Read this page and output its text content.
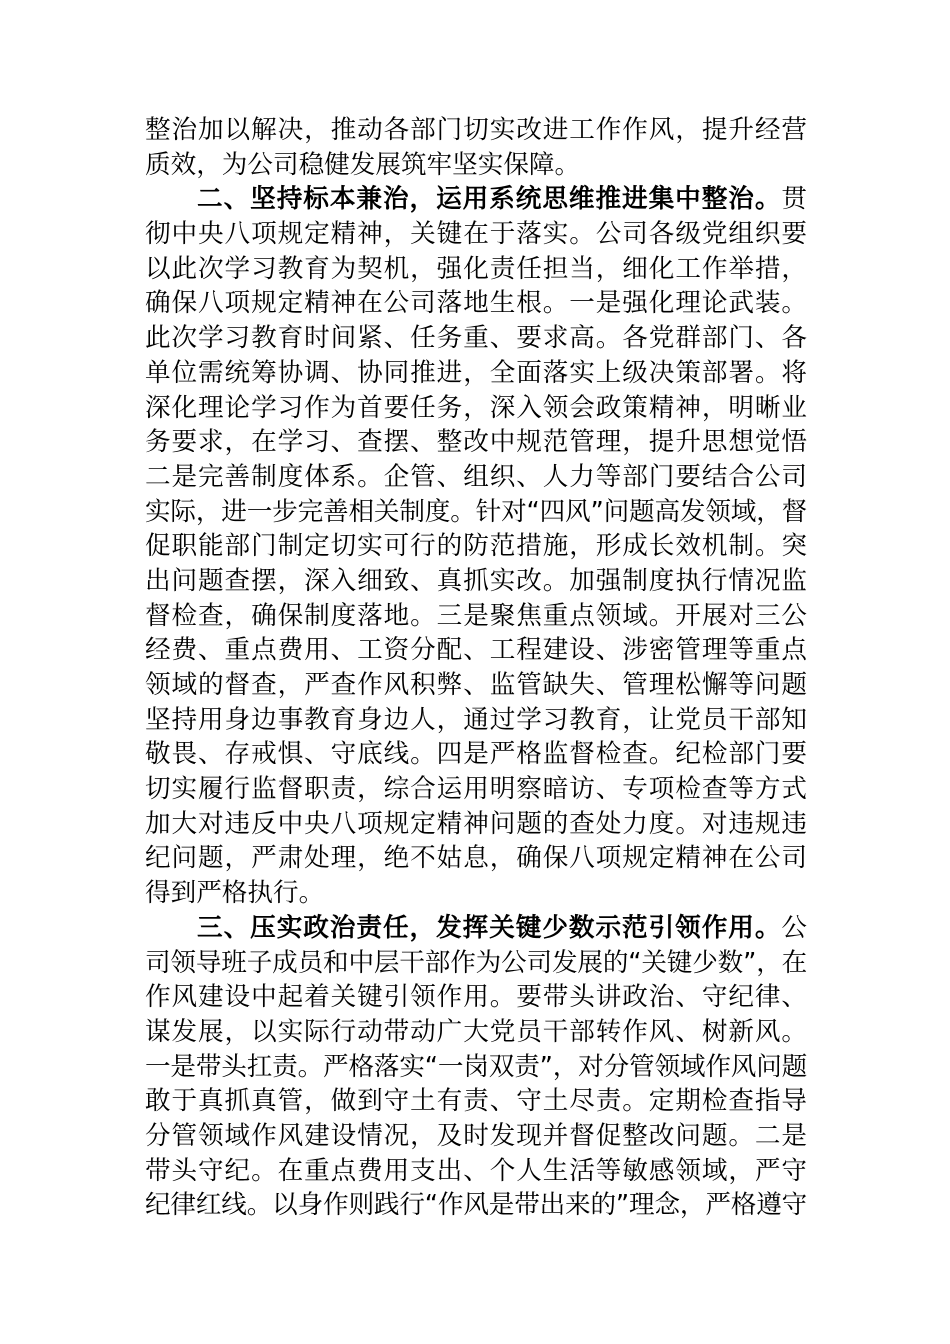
整治加以解决，推动各部门切实改进工作作风，提升经营
质效，为公司稳健发展筑牢坚实保障。
二、坚持标本兼治，运用系统思维推进集中整治。贯
彻中央八项规定精神，关键在于落实。公司各级党组织要
以此次学习教育为契机，强化责任担当，细化工作举措，
确保八项规定精神在公司落地生根。一是强化理论武装。
此次学习教育时间紧、任务重、要求高。各党群部门、各
单位需统筹协调、协同推进，全面落实上级决策部署。将
深化理论学习作为首要任务，深入领会政策精神，明晰业
务要求，在学习、查摆、整改中规范管理，提升思想觉悟
二是完善制度体系。企管、组织、人力等部门要结合公司
实际，进一步完善相关制度。针对“四风”问题高发领域，督
促职能部门制定切实可行的防范措施，形成长效机制。突
出问题查摆，深入细致、真抓实改。加强制度执行情况监
督检查，确保制度落地。三是聚焦重点领域。开展对三公
经费、重点费用、工资分配、工程建设、涉密管理等重点
领域的督查，严查作风积弊、监管缺失、管理松懈等问题
坚持用身边事教育身边人，通过学习教育，让党员干部知
敬畏、存戒惧、守底线。四是严格监督检查。纪检部门要
切实履行监督职责，综合运用明察暗访、专项检查等方式
加大对违反中央八项规定精神问题的查处力度。对违规违
纪问题，严肃处理，绝不姑息，确保八项规定精神在公司
得到严格执行。
三、压实政治责任，发挥关键少数示范引领作用。公
司领导班子成员和中层干部作为公司发展的“关键少数”，在
作风建设中起着关键引领作用。要带头讲政治、守纪律、
谋发展，以实际行动带动广大党员干部转作风、树新风。
一是带头扛责。严格落实“一岗双责”，对分管领域作风问题
敢于真抓真管，做到守土有责、守土尽责。定期检查指导
分管领域作风建设情况，及时发现并督促整改问题。二是
带头守纪。在重点费用支出、个人生活等敏感领域，严守
纪律红线。以身作则践行“作风是带出来的”理念，严格遵守
